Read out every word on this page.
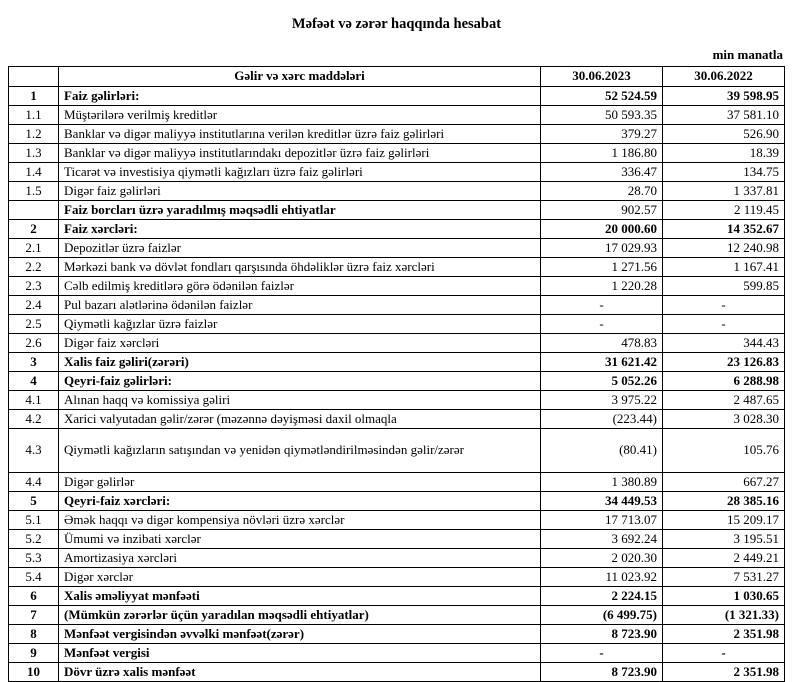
Məfəət və zərər haqqında hesabat
min manatla
	Gəlir və xərc maddələri	30.06.2023	30.06.2022
1	Faiz gəlirləri:	52 524.59	39 598.95
1.1	Müştərilərə verilmiş kreditlər	50 593.35	37 581.10
1.2	Banklar və digər maliyyə institutlarına verilən kreditlər üzrə faiz gəlirləri	379.27	526.90
1.3	Banklar və digər maliyyə institutlarındakı depozitlər üzrə faiz gəlirləri	1 186.80	18.39
1.4	Ticarət və investisiya qiymətli kağızları üzrə faiz gəlirləri	336.47	134.75
1.5	Digər faiz gəlirləri	28.70	1 337.81
	Faiz borcları üzrə yaradılmış məqsədli ehtiyatlar	902.57	2 119.45
2	Faiz xərcləri:	20 000.60	14 352.67
2.1	Depozitlər üzrə faizlər	17 029.93	12 240.98
2.2	Mərkəzi bank və dövlət fondları qarşısında öhdəliklər üzrə faiz xərcləri	1 271.56	1 167.41
2.3	Cəlb edilmiş kreditlərə görə ödənilən faizlər	1 220.28	599.85
2.4	Pul bazarı alətlərinə ödənilən faizlər	-	-
2.5	Qiymətli kağızlar üzrə faizlər	-	-
2.6	Digər faiz xərcləri	478.83	344.43
3	Xalis faiz gəliri(zərəri)	31 621.42	23 126.83
4	Qeyri-faiz gəlirləri:	5 052.26	6 288.98
4.1	Alınan haqq və komissiya gəliri	3 975.22	2 487.65
4.2	Xarici valyutadan gəlir/zərər (məzənnə dəyişməsi daxil olmaqla	(223.44)	3 028.30
4.3	Qiymətli kağızların satışından və yenidən qiymətləndirilməsindən gəlir/zərər	(80.41)	105.76
4.4	Digər gəlirlər	1 380.89	667.27
5	Qeyri-faiz xərcləri:	34 449.53	28 385.16
5.1	Əmək haqqı və digər kompensiya növləri üzrə xərclər	17 713.07	15 209.17
5.2	Ümumi və inzibati xərclər	3 692.24	3 195.51
5.3	Amortizasiya xərcləri	2 020.30	2 449.21
5.4	Digər xərclər	11 023.92	7 531.27
6	Xalis əməliyyat mənfəəti	2 224.15	1 030.65
7	(Mümkün zərərlər üçün yaradılan məqsədli ehtiyatlar)	(6 499.75)	(1 321.33)
8	Mənfəət vergisindən əvvəlki mənfəət(zərər)	8 723.90	2 351.98
9	Mənfəət vergisi	-	-
10	Dövr üzrə xalis mənfəət	8 723.90	2 351.98
